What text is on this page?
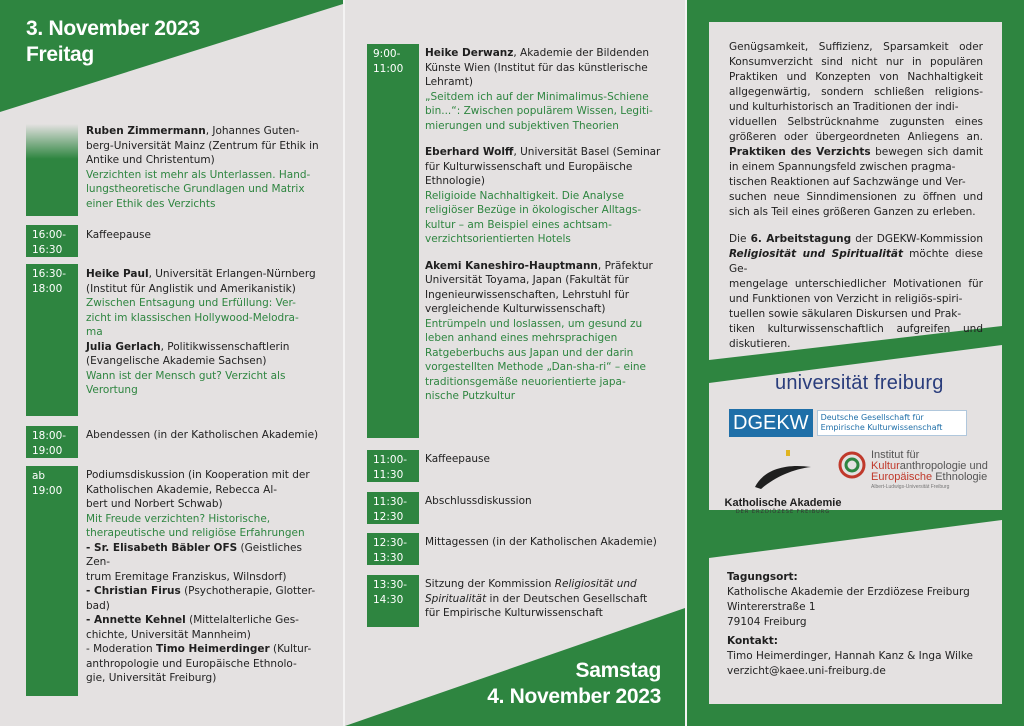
3. November 2023
Freitag

Ruben Zimmermann, Johannes Guten-
berg-Universität Mainz (Zentrum für Ethik in Antike und Christentum)

Verzichten ist mehr als Unterlassen. Hand-
lungstheoretische Grundlagen und Matrix einer Ethik des Verzichts

16:00-
16:30
Kaffeepause
16:30-
18:00

Heike Paul, Universität Erlangen-Nürnberg (Institut für Anglistik und Amerikanistik)

Zwischen Entsagung und Erfüllung: Ver-
zicht im klassischen Hollywood-Melodra-
ma

Julia Gerlach, Politikwissenschaftlerin (Evangelische Akademie Sachsen)

Wann ist der Mensch gut? Verzicht als Verortung

18:00-
19:00
Abendessen (in der Katholischen Akademie)
ab
19:00

Podiumsdiskussion (in Kooperation mit der Katholischen Akademie, Rebecca Al-
bert und Norbert Schwab)

Mit Freude verzichten? Historische, therapeutische und religiöse Erfahrungen

- Sr. Elisabeth Bäbler OFS (Geistliches Zen-
trum Eremitage Franziskus, Wilnsdorf)

- Christian Firus (Psychotherapie, Glotter-
bad)

- Annette Kehnel (Mittelalterliche Ges-
chichte, Universität Mannheim)

- Moderation Timo Heimerdinger (Kultur-
anthropologie und Europäische Ethnolo-
gie, Universität Freiburg)

9:00-
11:00

Heike Derwanz, Akademie der Bildenden Künste Wien (Institut für das künstlerische Lehramt)

„Seitdem ich auf der Minimalimus-Schiene bin...“: Zwischen populärem Wissen, Legiti-
mierungen und subjektiven Theorien

Eberhard Wolff, Universität Basel (Seminar für Kulturwissenschaft und Europäische Ethnologie)

Religioide Nachhaltigkeit. Die Analyse religiöser Bezüge in ökologischer Alltags-
kultur – am Beispiel eines achtsam-
verzichtsorientierten Hotels

Akemi Kaneshiro-Hauptmann, Präfektur Universität Toyama, Japan (Fakultät für Ingenieurwissenschaften, Lehrstuhl für vergleichende Kulturwissenschaft)

Entrümpeln und loslassen, um gesund zu leben anhand eines mehrsprachigen Ratgeberbuchs aus Japan und der darin vorgestellten Methode „Dan-sha-ri“ – eine traditionsgemäße neuorientierte japa-
nische Putzkultur

11:00-
11:30
Kaffeepause
11:30-
12:30
Abschlussdiskussion
12:30-
13:30
Mittagessen (in der Katholischen Akademie)
13:30-
14:30

Sitzung der Kommission Religiosität und Spiritualität in der Deutschen Gesellschaft für Empirische Kulturwissenschaft

Samstag
4. November 2023

Genügsamkeit, Suffizienz, Sparsamkeit oder Konsumverzicht sind nicht nur in populären Praktiken und Konzepten von Nachhaltigkeit allgegenwärtig, sondern schließen religions- und kulturhistorisch an Traditionen der indi-
viduellen Selbstrücknahme zugunsten eines größeren oder übergeordneten Anliegens an. Praktiken des Verzichts bewegen sich damit in einem Spannungsfeld zwischen pragma-
tischen Reaktionen auf Sachzwänge und Ver-
suchen neue Sinndimensionen zu öffnen und sich als Teil eines größeren Ganzen zu erleben.

Die 6. Arbeitstagung der DGEKW-Kommission Religiosität und Spiritualität möchte diese Ge-
mengelage unterschiedlicher Motivationen für und Funktionen von Verzicht in religiös-spiri-
tuellen sowie säkularen Diskursen und Prak-
tiken kulturwissenschaftlich aufgreifen und diskutieren.

universität freiburg
DGEKW	Deutsche Gesellschaft für Empirische Kulturwissenschaft
Katholische Akademie
DER ERZDIÖZESE FREIBURG
Institut für
Kulturanthropologie und
Europäische Ethnologie
Albert-Ludwigs-Universität Freiburg

Tagungsort:

Katholische Akademie der Erzdiözese Freiburg

Wintererstraße 1

79104 Freiburg

Kontakt:

Timo Heimerdinger, Hannah Kanz & Inga Wilke

verzicht@kaee.uni-freiburg.de
